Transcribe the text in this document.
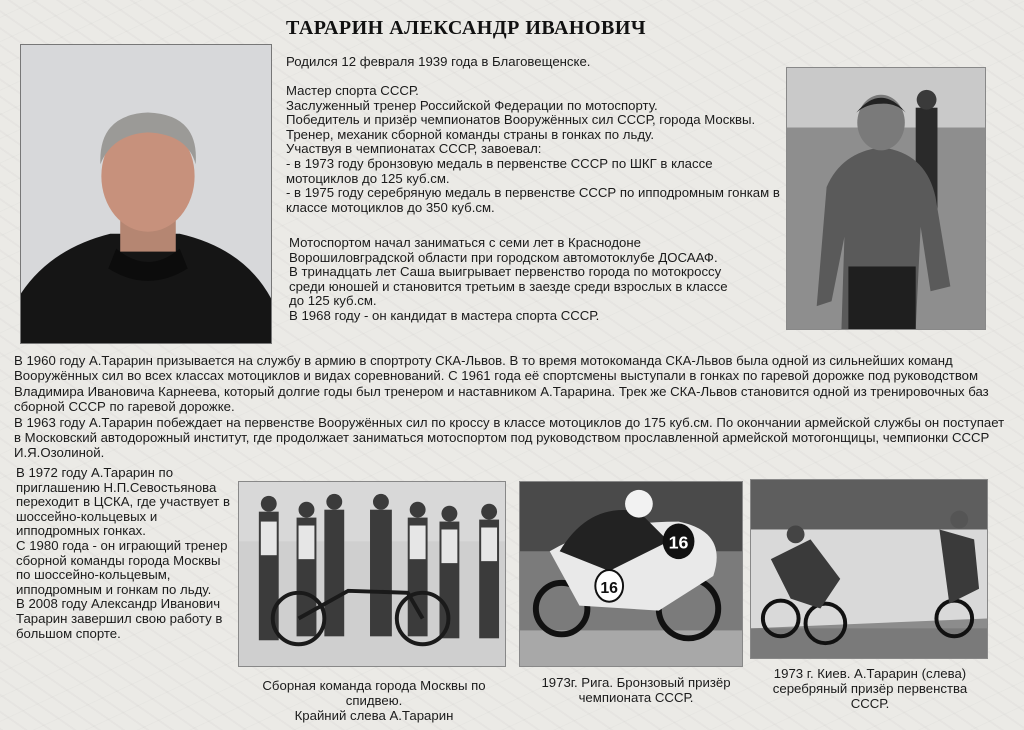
ТАРАРИН АЛЕКСАНДР ИВАНОВИЧ
Родился 12 февраля 1939 года в Благовещенске.
Мастер спорта СССР.
Заслуженный тренер Российской Федерации по мотоспорту.
Победитель и призёр чемпионатов Вооружённых сил СССР, города Москвы.
Тренер, механик сборной команды страны в гонках по льду.
Участвуя в чемпионатах СССР, завоевал:
- в 1973 году бронзовую медаль в первенстве СССР по ШКГ в классе мотоциклов до 125 куб.см.
- в 1975 году серебряную медаль в первенстве СССР по ипподромным гонкам в классе мотоциклов до 350 куб.см.
Мотоспортом начал заниматься с семи лет в Краснодоне Ворошиловградской области при городском автомотоклубе ДОСААФ.
В тринадцать лет Саша выигрывает первенство города по мотокроссу среди юношей и становится третьим в заезде среди взрослых в классе до 125 куб.см.
В 1968 году - он кандидат в мастера спорта СССР.
В 1960 году А.Тарарин призывается на службу в армию в спортроту СКА-Львов. В то время мотокоманда СКА-Львов была одной из сильнейших команд Вооружённых сил во всех классах мотоциклов и видах соревнований. С 1961 года её спортсмены выступали в гонках по гаревой дорожке под руководством Владимира Ивановича Карнеева, который долгие годы был тренером и наставником А.Тарарина. Трек же СКА-Львов становится одной из тренировочных баз сборной СССР по гаревой дорожке.
В 1963 году А.Тарарин побеждает на первенстве Вооружённых сил по кроссу в классе мотоциклов до 175 куб.см. По окончании армейской службы он поступает в Московский автодорожный институт, где продолжает заниматься мотоспортом под руководством прославленной армейской мотогонщицы, чемпионки СССР И.Я.Озолиной.
В 1972 году А.Тарарин по приглашению Н.П.Севостьянова переходит в ЦСКА, где участвует в шоссейно-кольцевых и ипподромных гонках.
С 1980 года - он играющий тренер сборной команды города Москвы по шоссейно-кольцевым, ипподромным и гонкам по льду.
В 2008 году Александр Иванович Тарарин завершил свою работу в большом спорте.
16
16
Сборная команда города Москвы по спидвею.
Крайний слева А.Тарарин
1973г. Рига. Бронзовый призёр чемпионата СССР.
1973 г. Киев. А.Тарарин (слева) серебряный призёр первенства СССР.
